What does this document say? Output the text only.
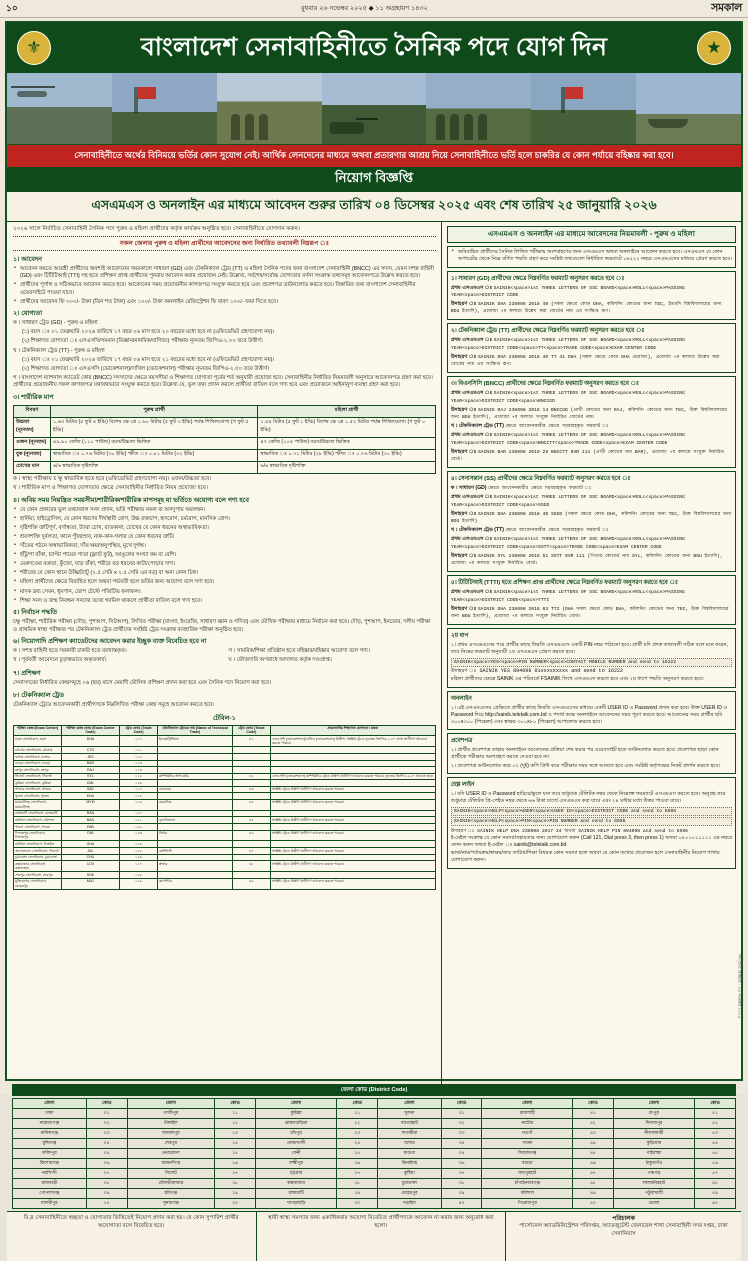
১০	বুধবার ২৬ নভেম্বর ২০২৫ ◆ ১১ অগ্রহায়ণ ১৪৩২	সমকাল
⚜	বাংলাদেশ সেনাবাহিনীতে সৈনিক পদে যোগ দিন	★
সেনাবাহিনীতে অর্থের বিনিময়ে ভর্তির কোন সুযোগ নেই। আর্থিক লেনদেনের মাধ্যমে অথবা প্রতারণার আশ্রয় নিয়ে সেনাবাহিনীতে ভর্তি হলে চাকরির যে কোন পর্যায়ে বহিষ্কার করা হবে।
নিয়োগ বিজ্ঞপ্তি
এসএমএস ও অনলাইন এর মাধ্যমে আবেদন শুরুর তারিখ ০৪ ডিসেম্বর ২০২৫ এবং শেষ তারিখ ২৫ জানুয়ারি ২০২৬
২০২৬ সালে নির্বাচিত সেনাবাহিনী সৈনিক পদে পুরুষ ও মহিলা প্রার্থীদের কর্তৃক কার্যক্রম অনুষ্ঠিত হবে। সেনাবাহিনীতে যোগদান করুন।
সকল জেলার পুরুষ ও মহিলা প্রার্থীদের আবেদনের জন্য নির্ধারিত তথ্যাবলী নিম্নরূপ ঃ
১। আবেদন

• আবেদন করতে আগ্রহী প্রার্থীদের অবশ্যই আবেদনের সময়কালে সাধারণ (GD) এবং টেকনিক্যাল ট্রেড (TT) ও মহিলা সৈনিক পদের জন্য বাংলাদেশ সেনাবাহিনী (BNCC) এর সদস্য, যেমন সশস্ত্র বাহিনী (GD) এবং টিটিটিআই (TTI) সহ হতে প্রশিক্ষণ প্রাপ্ত প্রার্থীদের পুনরায় আবেদন করার প্রয়োজন নেই। উল্লেখ্য, সর্বশেষ/সর্বোচ্চ যোগ্যতার বর্ণনা সংক্রান্ত তথ্যসমূহ আবেদনপত্রে উল্লেখ করতে হবে।

• প্রার্থীদের পূর্ণাঙ্গ ও সঠিকভাবে আবেদন করতে হবে। আবেদনের সময় প্রয়োজনীয় কাগজপত্র সংযুক্ত করতে হবে এবং প্রবেশপত্র ডাউনলোড করতে হবে। বিস্তারিত তথ্য বাংলাদেশ সেনাবাহিনীর ওয়েবসাইটে পাওয়া যাবে।

• প্রার্থীদের আবেদন ফি ৩০০/- টাকা (তিন শত টাকা) এবং ১০০/- টাকা অনলাইন রেজিস্ট্রেশন ফি বাবদ ১০০/- জমা দিতে হবে।

২। যোগ্যতা

ক । সাধারণ ট্রেড (GD) - পুরুষ ও মহিলা

(১) বয়স ঃ ০১ ফেব্রুয়ারি ২০২৬ তারিখে ১৭ বছর ০৬ মাস হতে ২০ বছরের মধ্যে হবে না (এফিডেভিট গ্রহণযোগ্য নয়)।

(২) শিক্ষাগত যোগ্যতা ঃ এসএসসি/সমমান (বিজ্ঞান/মানবিক/বাণিজ্য) পরীক্ষায় ন্যূনতম জিপিএ-২.০০ তবে উত্তীর্ণ।

খ । টেকনিক্যাল ট্রেড (TT) - পুরুষ ও মহিলা

(১) বয়স ঃ ০১ ফেব্রুয়ারি ২০২৬ তারিখে ১৭ বছর ০৬ মাস হতে ২১ বছরের মধ্যে হবে না (এফিডেভিট গ্রহণযোগ্য নয়)।

(২) শিক্ষাগত যোগ্যতা ঃ এসএসসি (ভোকেশনাল)/দাখিল (ভোকেশনাল) পরীক্ষায় ন্যূনতম জিপিএ-২.৫০ তবে উত্তীর্ণ।

গ । বাংলাদেশ ন্যাশনাল ক্যাডেট কোর (BNCC) সদস্যদের ক্ষেত্রে বয়সসীমা ও শিক্ষাগত যোগ্যতা পূর্বের শর্ত অনুযায়ী প্রযোজ্য হবে। সেনাবাহিনীর নির্ধারিত নিয়মাবলী অনুসারে আবেদনপত্র গ্রহণ করা হবে। প্রার্থীদের প্রয়োজনীয় সকল কাগজপত্র যথাযথভাবে সংযুক্ত করতে হবে। উল্লেখ্য যে, ভুল তথ্য প্রদান করলে প্রার্থীতা বাতিল বলে গণ্য হবে এবং প্রয়োজনে আইনানুগ ব্যবস্থা গ্রহণ করা হবে।

৩। শারীরিক মাপ
বিবরণ	পুরুষ প্রার্থী	মহিলা প্রার্থী
উচ্চতা (ন্যূনতম)	১.৬৩ মিটার (৫ ফুট ৪ ইঞ্চি) বিশেষ ক্ষে ত্রে ১.৬০ মিটার (৫ ফুট ৩ ইঞ্চি) পর্যন্ত শিথিলযোগ্য (গ ফুট ৫ ইঞ্চি)	১.৫৪ মিটার (৫ ফুট ১ ইঞ্চি) বিশেষ ক্ষে ত্রে ১.৫২ মিটার পর্যন্ত শিথিলযোগ্য (গ ফুট ০ ইঞ্চি)
ওজন (ন্যূনতম)	৪৯.৯০ কেজি (১১০ পাউন্ড) বয়স/উচ্চতা ভিত্তিক	৪৭ কেজি (১০৪ পাউন্ড) বয়স/উচ্চতা ভিত্তিক
বুক (ন্যূনতম)	স্বাভাবিক ঃ ০.৭৬ মিটার (৩০ ইঞ্চি) স্ফীত ঃ ০.৮১ মিটার (৩২ ইঞ্চি)	স্বাভাবিক ঃ ০.৭১ মিটার (২৮ ইঞ্চি) স্ফীত ঃ ০.৭৬ মিটার (৩০ ইঞ্চি)
চোখের মান	৬/৬ স্বাভাবিক দৃষ্টিশক্তি	৬/৬ স্বাভাবিক দৃষ্টিশক্তি
ক । স্বাস্থ্য পরীক্ষায় চ ক্ষু স্বাভাবিক হতে হবে (এফিডেভিট গ্রহণযোগ্য নয়)। ওজন/উচ্চতা হবে।
খ । শারীরিক মাপ ও শিক্ষাগত যোগ্যতার ক্ষেত্রে সেনাবাহিনীর নির্ধারিত নিয়ম প্রযোজ্য হবে।
৪। অবিয় সময় নিয়ন্ত্রিত সময়সীমা/শারীরিক/শারীরিক মাপসমূহ যা ভর্তিতে অযোগ্য বলে গণ্য হবে

• যে কোন প্রকারের ভুল তথ্য/জাল সনদ প্রদান, ভর্তি পরীক্ষায় নকল বা অসদুপায় অবলম্বন।

• হার্নিয়া, হাইড্রোসিল, যে কোন ধরণের দীর্ঘস্থায়ী রোগ, উচ্চ রক্তচাপ, হৃদরোগ, চর্মরোগ, মানসিক রোগ।

• দৃষ্টিশক্তি ত্রুটিপূর্ণ, বর্ণান্ধতা, ট্যারা চোখ, রাতকানা, চোখের যে কোন ধরনের অস্বাভাবিকতা।

• শ্রবণশক্তি দুর্বলতা, কানে পুঁজ/স্রাব, নাক-কান-গলার যে কোন ধরনের ত্রুটি।

• দাঁতের গঠনে অস্বাভাবিকতা, দাঁত ক্ষয়/অনুপস্থিত, মুখে দুর্গন্ধ।

• হাঁটু/পা বাঁকা, চ্যাপ্টা পায়ের পাতা (ফ্ল্যাট ফুট), আঙুলের সংখ্যা কম বা বেশি।

• মেরুদণ্ডের বক্রতা, কুঁজো, ঘাড় বাঁকা, শরীরে বড় ধরনের কাটা/পোড়ার দাগ।

• শরীরের যে কোন স্থানে উল্কি/ট্যাটু (২.৫ সেমি x ২.৫ সেমি এর বড়) বা অন্য কোন চিহ্ন।

• মহিলা প্রার্থীদের ক্ষেত্রে বিবাহিত হলে অথবা গর্ভবতী হলে ভর্তির জন্য অযোগ্য বলে গণ্য হবে।

• মাদক দ্রব্য সেবন, ধূমপান, ডোপ টেস্টে পজিটিভ ফলাফল।

• শিক্ষা সনদ ও জন্ম নিবন্ধন সনদের তথ্যে গরমিল থাকলে প্রার্থীতা বাতিল বলে গণ্য হবে।

৫। নির্বাচন পদ্ধতি

চক্ষু পরীক্ষা, শারীরিক পরীক্ষা (দৌড়, পুশআপ, সিটআপ), লিখিত পরীক্ষা (বাংলা, ইংরেজি, সাধারণ জ্ঞান ও গণিত) এবং মৌখিক পরীক্ষার মাধ্যমে নির্বাচন করা হবে। দৌড়, পুশআপ, ইনডোর, দলীয় পরীক্ষা ও প্রাথমিক স্বাস্থ্য পরীক্ষার পর টেকনিক্যাল ট্রেড প্রার্থীদের সংশ্লিষ্ট ট্রেড সংক্রান্ত ব্যবহারিক পরীক্ষা অনুষ্ঠিত হবে।

৬। নিয়োগাদি প্রশিক্ষণ ক্যাডেটদের আবেদন করার ইচ্ছুক ব্যক্ত বিবেচিত হবে না

ক । সশস্ত্র বাহিনী হতে সরকারী চাকরি হতে বরখাস্তকৃত।

খ । পূর্ববর্তী আবেদনে চূড়ান্তভাবে অকৃতকার্য।

গ । সামরিক/শিক্ষা প্রতিষ্ঠান হতে বহিষ্কার/বহিষ্কার অযোগ্য বলে গণ্য।

ঘ । ফৌজদারি অপরাধে আদালত কর্তৃক দণ্ডপ্রাপ্ত।

৭। প্রশিক্ষণ

সেনাসদরের নির্ধারিত কেন্দ্রসমূহে ০৬ (ছয়) মাসে মেয়াদী মৌলিক প্রশিক্ষণ প্রদান করা হবে এবং সৈনিক পদে নিয়োগ করা হবে।

৮। টেকনিক্যাল ট্রেড

টেকনিক্যাল ট্রেডে আবেদনকারী প্রার্থীগণকে নিম্নলিখিত পরীক্ষা কেন্দ্র সমূহে আবেদন করতে হবে।

টেবিল-১
পরীক্ষা কেন্দ্র (Exam Center)	পরীক্ষা কেন্দ্র কোড (Exam Center Code)	ট্রেড কোড (Trade Code)	টেকনিক্যাল ট্রেডের নাম (Name of Technical Trade)	ট্রেড কোড (Trade Code)	প্রয়োজনীয় শিক্ষাগত যোগ্যতা / মন্তব্য
ঢাকা সেনানিবাস, ঢাকা	DHA	১১০	ইলেকট্রিশিয়ান	৪১	এসএসসি (ভোকেশনাল)/দাখিল (ভোকেশনাল) উত্তীর্ণ। সংশ্লিষ্ট ট্রেডে ন্যূনতম জিপিএ-২.৫০ প্রাপ্ত প্রার্থীগণ আবেদন করতে পারবে।
চট্টগ্রাম সেনানিবাস, চট্টগ্রাম	CTG	১১১			
যশোর সেনানিবাস, যশোর	JES	১১২			
বগুড়া সেনানিবাস, বগুড়া	BAR	১১৩			
রংপুর সেনানিবাস, রংপুর	RAJ	১১৪			
সিলেট সেনানিবাস, সিলেট	SYL	১১৫	কম্পিউটার অপারেটর	৪২	এসএসসি (ভোকেশনাল) কম্পিউটার ট্রেডে উত্তীর্ণ প্রার্থীগণ আবেদন করতে পারবে। ন্যূনতম জিপিএ-২.৫০ থাকতে হবে।
কুমিল্লা সেনানিবাস, কুমিল্লা	CML	১১৬			
সাভার সেনানিবাস, সাভার	SAV	১১৭	ওয়েল্ডার	৪৩	সংশ্লিষ্ট ট্রেডে উত্তীর্ণ প্রার্থীগণ আবেদন করতে পারবে।
খুলনা সেনানিবাস, খুলনা	KHU	১১৮			
ময়মনসিংহ সেনানিবাস, ময়মনসিংহ	MYM	১১৯	মেকানিক	৪৪	সংশ্লিষ্ট ট্রেডে উত্তীর্ণ প্রার্থীগণ আবেদন করতে পারবে।
রাঙ্গামাটি সেনানিবাস, রাঙ্গামাটি	RAN	১২০			
বরিশাল সেনানিবাস, বরিশাল	BAS	১২১	ড্রাফটসম্যান	৪৫	সংশ্লিষ্ট ট্রেডে উত্তীর্ণ প্রার্থীগণ আবেদন করতে পারবে।
পাবনা সেনানিবাস, পাবনা	PAB	১২২			
দিনাজপুর সেনানিবাস, দিনাজপুর	DIN	১২৩	টার্নার	৪৬	সংশ্লিষ্ট ট্রেডে উত্তীর্ণ প্রার্থীগণ আবেদন করতে পারবে।
ঘাটাইল সেনানিবাস, টাঙ্গাইল	GHA	১২৪			
জালালাবাদ সেনানিবাস, সিলেট	JAL	১২৫	মেশিনিস্ট	৪৭	সংশ্লিষ্ট ট্রেডে উত্তীর্ণ প্রার্থীগণ আবেদন করতে পারবে।
চুয়াডাঙ্গা সেনানিবাস, চুয়াডাঙ্গা	CHU	১২৬			
কক্সবাজার সেনানিবাস, কক্সবাজার	COX	১২৭	প্লাম্বার	৪৮	সংশ্লিষ্ট ট্রেডে উত্তীর্ণ প্রার্থীগণ আবেদন করতে পারবে।
শেরপুর সেনানিবাস, শেরপুর	SHE	১২৮			
মুজিবনগর সেনানিবাস, মেহেরপুর	MUJ	১২৯	কার্পেন্টার	৪৯	সংশ্লিষ্ট ট্রেডে উত্তীর্ণ প্রার্থীগণ আবেদন করতে পারবে।
এসএমএস ও অনলাইন এর মাধ্যমে আবেদনের নিয়মাবলী - পুরুষ ও মহিলা

• অবিবাহিত প্রার্থীদের সৈনিক লিখিত পরীক্ষায় অংশগ্রহণের জন্য এসএমএস অথবা অনলাইনে আবেদন করতে হবে। এসএমএস যে কোন অপারেটর থেকে নিম্নে বর্ণিত পদ্ধতি গ্রহণ করে সংশ্লিষ্ট তথ্যগুলো নির্ধারিত ফরম্যাটে ১৬২২২ নম্বরে এসএমএসের মাধ্যমে প্রেরণ করতে হবে।

১। সাধারণ (GD) প্রার্থীদের ক্ষেত্রে নিম্নবর্ণিত ফরম্যাট অনুসরণ করতে হবে ঃ

প্রথম এসএমএস ঃ SAINIK<space>1st THREE LETTERS OF SSC BOARD<space>ROLL<space>PASSING YEAR<space>DISTRICT CODE

উদাহরণ ঃ SAINIK DHA 236098 2018 40 (সকল ক্ষেত্রে কোড DHA, কমিশনিং কোডের জন্য TEC, ইত্যাদি বিশ্ববিদ্যালয়ের জন্য BOU ইত্যাদি), প্রযোজ্য ৭ম কলামে উল্লেখ করা বোর্ডের নাম এর সংক্ষিপ্ত রূপ।

২। টেকনিক্যাল ট্রেড (TT) প্রার্থীদের ক্ষেত্রে নিম্নবর্ণিত ফরম্যাট অনুসরণ করতে হবে ঃ

প্রথম এসএমএস ঃ SAINIK<space>1st THREE LETTERS OF SSC BOARD<space>ROLL<space>PASSING YEAR<space>DISTRICT CODE<space>TT<space>TRADE CODE<space>EXAM CENTER CODE

উদাহরণ ঃ SAINIK DHA 236098 2018 40 TT 41 DHA (সকল ক্ষেত্রে কোড DHA প্রযোজ্য), প্রযোজ্য ৭ম কলামে উল্লেখ করা বোর্ডের নাম এর সংক্ষিপ্ত রূপ।

৩। বিএনসিসি (BNCC) প্রার্থীদের ক্ষেত্রে নিম্নবর্ণিত ফরম্যাট অনুসরণ করতে হবে ঃ

প্রথম এসএমএস ঃ SAINIK<space>1st THREE LETTERS OF SSC BOARD<space>ROLL<space>PASSING YEAR<space>DISTRICT CODE<space>BNCCGD

উদাহরণ ঃ SAINIK RAJ 236098 2018 14 BNCCGD (প্রার্থী কোডের জন্য RAJ, কমিশনিং কোডের জন্য TEC, উক্ত বিশ্ববিদ্যালয়ের জন্য BOU ইত্যাদি), প্রযোজ্য ৭ম কলামে সংযুক্ত নির্ধারিত বোর্ডের নাম।

খ । টেকনিক্যাল ট্রেড (TT) ক্ষেত্রে আবেদনকারীর ক্ষেত্রে সরবরাহকৃত ফরম্যাট ঃ

প্রথম এসএমএস ঃ SAINIK<space>1st THREE LETTERS OF SSC BOARD<space>ROLL<space>PASSING YEAR<space>DISTRICT CODE<space>BNCCTT<space>TRADE CODE<space>EXAM CENTER CODE

উদাহরণ ঃ SAINIK BAR 236098 2019 29 BNCCTT 0VR 111 (প্রার্থী কোডের নাম BAR), প্রযোজ্য ৭ম কলামে সংযুক্ত নির্ধারিত বোর্ড।

৪। সেনাসন্তান (SS) প্রার্থীদের ক্ষেত্রে নিম্নবর্ণিত ফরম্যাট অনুসরণ করতে হবে ঃ

ক । সাধারণ (GD) ক্ষেত্রে আবেদনকারীর ক্ষেত্রে সরবরাহকৃত ফরম্যাট ঃ

প্রথম এসএমএস ঃ SAINIK<space>1st THREE LETTERS OF SSC BOARD<space>ROLL<space>PASSING YEAR<space>DISTRICT CODE<space>SSGD

উদাহরণ ঃ SAINIK DHA 236098 2018 40 SSGD (সকল ক্ষেত্রে কোড DHA, কমিশনিং কোডের জন্য TEC, উক্ত বিশ্ববিদ্যালয়ের জন্য BOU ইত্যাদি)

খ । টেকনিক্যাল ট্রেড (TT) ক্ষেত্রে আবেদনকারীর ক্ষেত্রে সরবরাহকৃত ফরম্যাট ঃ

প্রথম এসএমএস ঃ SAINIK<space>1st THREE LETTERS OF SSC BOARD<space>ROLL<space>PASSING YEAR<space>DISTRICT CODE<space>SSTT<space>TRADE CODE<space>EXAM CENTER CODE

উদাহরণ ঃ SAINIK SYL 236098 2016 51 SSTT 0VR 111 (পিতার কোডের নাম SYL, কমিশনিং কোডের জন্য BOU ইত্যাদি), প্রযোজ্য ৭ম কলামে সংযুক্ত নির্ধারিত বোর্ড।

৫। টিটিটিআই (TTTI) হতে প্রশিক্ষণ প্রাপ্ত প্রার্থীদের ক্ষেত্রে নিম্নবর্ণিত ফরম্যাট অনুসরণ করতে হবে ঃ

প্রথম এসএমএস ঃ SAINIK<space>1st THREE LETTERS OF SSC BOARD<space>ROLL<space>PASSING YEAR<space>DISTRICT CODE<space>TTTI

উদাহরণ ঃ SAINIK DHA 236098 2018 03 TTI (DHA সকল ক্ষেত্রে কোড DHA, কমিশনিং কোডের জন্য TEC, উক্ত বিশ্ববিদ্যালয়ের জন্য BOU ইত্যাদি), প্রযোজ্য ৭ম কলামে সংযুক্ত নির্ধারিত বোর্ড।

২য় ধাপ

১। প্রথম এসএমএসের পরে প্রার্থীর কাছে ফিরতি এসএমএসে একটি PIN নম্বর পাঠানো হবে। প্রার্থী যদি প্রদত্ত তথ্যাবলী সঠিক বলে মনে করেন, তবে নিম্নের ফরম্যাট অনুযায়ী ২য় এসএমএস প্রেরণ করতে হবে।

SAINIK<space>YES<space>PIN NUMBER<space>CONTACT MOBILE NUMBER and send to 16222

উদাহরণ ঃ SAINIK YES 894098 01xxxxxxxxx and send to 16222

মহিলা প্রার্থীদের ক্ষেত্রে SAINIK এর পরিবর্তে FSAINIK লিখে এসএমএস করতে হবে এবং ২য় ধাপে পদ্ধতি অনুসরণ করতে হবে।

অনলাইন

১। এই এসএমএসের প্রেক্ষিতে প্রার্থীর কাছে ফিরতি এসএমএসের মাধ্যমে একটি USER ID ও Password প্রদান করা হবে। উক্ত USER ID ও Password দিয়ে http://sainik.teletalk.com.bd ও পদার্থ কক্ষে অনলাইনে আবেদনের সময় পূরণ করতে হবে। আবেদনের সময় প্রার্থীর ছবি ৩০০x৩০০ (পিক্সেল) এবং স্বাক্ষর ৩০০x৮০ (পিক্সেল) আপলোড করতে হবে।

প্রবেশপত্র

১। প্রার্থীর প্রবেশপত্র তাহার অনলাইনে আবেদনের প্রক্রিয়া শেষ করার পর ওয়েবসাইট হতে ডাউনলোড করতে হবে। প্রবেশপত্র ছাড়া কোন প্রার্থীকে পরীক্ষায় অংশগ্রহণ করতে দেওয়া হবে না।

২। প্রবেশপত্র ডাউনলোড করে ০২ (দুই) কপি প্রিন্ট করে পরীক্ষার সময় সঙ্গে আনতে হবে এবং সংশ্লিষ্ট কর্তৃপক্ষের নিকট প্রদর্শন করতে হবে।

হেল্প লাইন

১। যদি USER ID ও Password হারিয়ে/ভুলে যান তবে শুধুমাত্র টেলিটক নম্বর থেকে নিম্নোক্ত ফরম্যাটে এসএমএস করতে হবে। অনুগ্রহ করে শুধুমাত্র টেলিটক প্রি-পেইড নম্বর থেকে ৬৬ টাকা চার্জে এসএমএস করা যাবে এবং ২৪ ঘন্টার মধ্যে উত্তর পাওয়া যাবে।

SAINIK<space>HELP<space>USER<space>USER ID<space>DISTRICT CODE and send to 6596
SAINIK<space>HELP<space>PIN<space>PIN NUMBER and send to 6596
উদাহরণ ঃ SAINIK HELP DHA 236098 2017 34 অথবা SAINIK HELP PIN 894098 and send to 6596

ই-মেইল সংক্রান্ত যে কোন সমস্যা/সহায়তার জন্য যোগাযোগ করুন (Call 121, Dial press 3, then press 1) অথবা ০৮০০০১১১১১ এর নম্বরে ফোন করুন অথবা ই-মেইল ঃ sainik@teletalk.com.bd

ভাষা/নাম/পর্যায়ক্রম/স্বাক্ষর/জন্ম তারিখ/শিক্ষা বিষয়ক কোন সমস্যা হলে অথবা যে কোন তথ্যের প্রয়োজন হলে সেনাবাহিনীর নিয়োগ শাখায় যোগাযোগ করুন।

জেলা কোড (District Code)
জেলা	কোড	জেলা	কোড	জেলা	কোড	জেলা	কোড	জেলা	কোড	জেলা	কোড
ঢাকা	০১	গাজীপুর	১১	কুমিল্লা	২১	খুলনা	৩১	রাজশাহী	৪১	রংপুর	৫১
নারায়ণগঞ্জ	০২	টাঙ্গাইল	১২	ব্রাহ্মণবাড়িয়া	২২	বাগেরহাট	৩২	নাটোর	৪২	দিনাজপুর	৫২
মানিকগঞ্জ	০৩	জামালপুর	১৩	চাঁদপুর	২৩	সাতক্ষীরা	৩৩	নওগাঁ	৪৩	নীলফামারী	৫৩
মুন্সিগঞ্জ	০৪	শেরপুর	১৪	নোয়াখালী	২৪	যশোর	৩৪	পাবনা	৪৪	কুড়িগ্রাম	৫৪
ফরিদপুর	০৫	নেত্রকোণা	১৫	ফেনী	২৫	মাগুরা	৩৫	সিরাজগঞ্জ	৪৫	গাইবান্ধা	৫৫
কিশোরগঞ্জ	০৬	ময়মনসিংহ	১৬	লক্ষ্মীপুর	২৬	ঝিনাইদহ	৩৬	বগুড়া	৪৬	ঠাকুরগাঁও	৫৬
নরসিংদী	০৭	সিলেট	১৭	চট্টগ্রাম	২৭	কুষ্টিয়া	৩৭	জয়পুরহাট	৪৭	পঞ্চগড়	৫৭
রাজবাড়ী	০৮	মৌলভীবাজার	১৮	কক্সবাজার	২৮	চুয়াডাঙ্গা	৩৮	চাঁপাইনবাবগঞ্জ	৪৮	লালমনিরহাট	৫৮
গোপালগঞ্জ	০৯	হবিগঞ্জ	১৯	রাঙ্গামাটি	২৯	মেহেরপুর	৩৯	বরিশাল	৪৯	পটুয়াখালী	৫৯
মাদারীপুর	১০	সুনামগঞ্জ	২০	খাগড়াছড়ি	৩০	নড়াইল	৪০	পিরোজপুর	৫০	ভোলা	৬০
বি.দ্র সেনাবাহিনীতে স্বচ্ছতা ও যোগ্যতার ভিত্তিতেই নিয়োগ প্রদান করা হয়। যে কোন সুপারিশ প্রার্থীর অযোগ্যতা বলে বিবেচিত হবে।
স্থায়ী স্বাস্থ্য সমস্যার জন্য একাধিকবার অযোগ্য বিবেচিত প্রার্থীগণকে আবেদন না করার জন্য অনুরোধ করা হলো।
পরিচালক
পার্সোনেল অ্যাডমিনিস্ট্রেশন পরিদপ্তর, অ্যাডজুটেন্ট জেনারেল শাখা সেনাবাহিনী সদর দপ্তর, ঢাকা সেনানিবাস
সংগৃহীত বিজ্ঞপ্তি - ২৬ নভেম্বর ২০২৫
